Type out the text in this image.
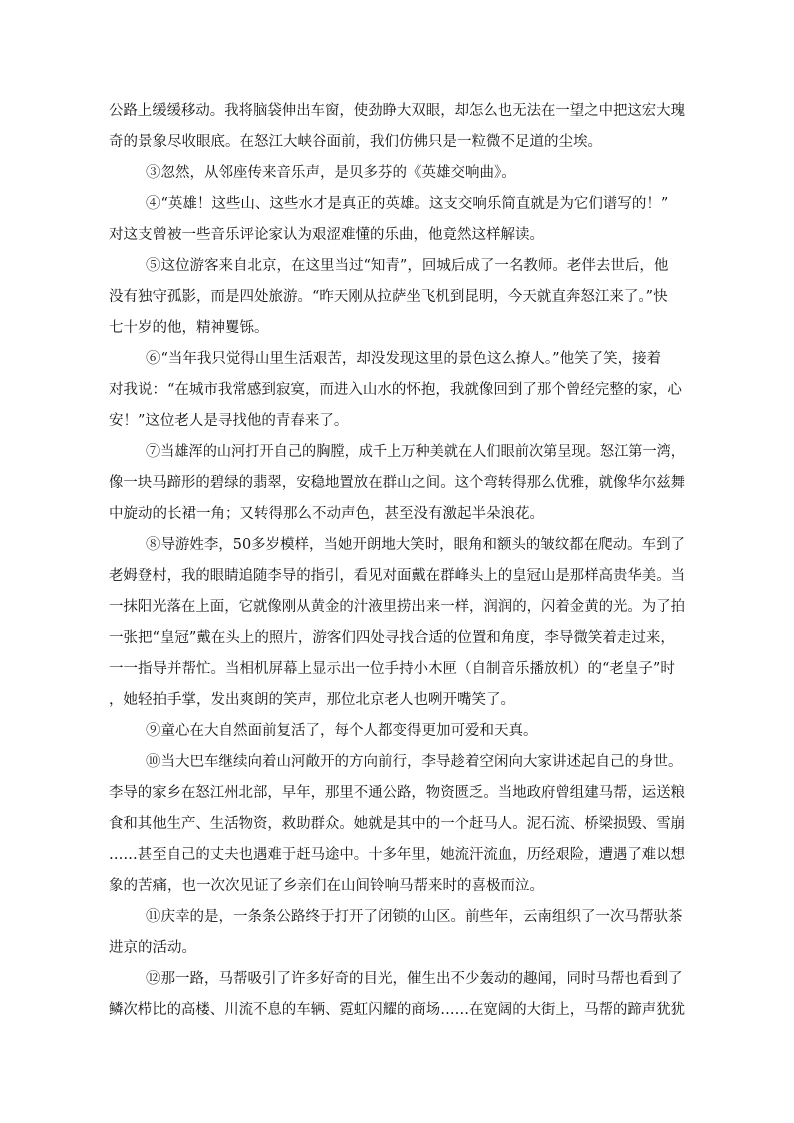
公路上缓缓移动。我将脑袋伸出车窗，使劲睁大双眼，却怎么也无法在一望之中把这宏大瑰
奇的景象尽收眼底。在怒江大峡谷面前，我们仿佛只是一粒微不足道的尘埃。
③忽然，从邻座传来音乐声，是贝多芬的《英雄交响曲》。
④“英雄！这些山、这些水才是真正的英雄。这支交响乐简直就是为它们谱写的！”
对这支曾被一些音乐评论家认为艰涩难懂的乐曲，他竟然这样解读。
⑤这位游客来自北京，在这里当过“知青”，回城后成了一名教师。老伴去世后，他
没有独守孤影，而是四处旅游。“昨天刚从拉萨坐飞机到昆明，今天就直奔怒江来了。”快
七十岁的他，精神矍铄。
⑥“当年我只觉得山里生活艰苦，却没发现这里的景色这么撩人。”他笑了笑，接着
对我说：“在城市我常感到寂寞，而进入山水的怀抱，我就像回到了那个曾经完整的家，心
安！”这位老人是寻找他的青春来了。
⑦当雄浑的山河打开自己的胸膛，成千上万种美就在人们眼前次第呈现。怒江第一湾，
像一块马蹄形的碧绿的翡翠，安稳地置放在群山之间。这个弯转得那么优雅，就像华尔兹舞
中旋动的长裙一角；又转得那么不动声色，甚至没有激起半朵浪花。
⑧导游姓李，50多岁模样，当她开朗地大笑时，眼角和额头的皱纹都在爬动。车到了
老姆登村，我的眼睛追随李导的指引，看见对面戴在群峰头上的皇冠山是那样高贵华美。当
一抹阳光落在上面，它就像刚从黄金的汁液里捞出来一样，润润的，闪着金黄的光。为了拍
一张把“皇冠”戴在头上的照片，游客们四处寻找合适的位置和角度，李导微笑着走过来，
一一指导并帮忙。当相机屏幕上显示出一位手持小木匣（自制音乐播放机）的“老皇子”时
，她轻拍手掌，发出爽朗的笑声，那位北京老人也咧开嘴笑了。
⑨童心在大自然面前复活了，每个人都变得更加可爱和天真。
⑩当大巴车继续向着山河敞开的方向前行，李导趁着空闲向大家讲述起自己的身世。
李导的家乡在怒江州北部，早年，那里不通公路，物资匮乏。当地政府曾组建马帮，运送粮
食和其他生产、生活物资，救助群众。她就是其中的一个赶马人。泥石流、桥梁损毁、雪崩
……甚至自己的丈夫也遇难于赶马途中。十多年里，她流汗流血，历经艰险，遭遇了难以想
象的苦痛，也一次次见证了乡亲们在山间铃响马帮来时的喜极而泣。
⑪庆幸的是，一条条公路终于打开了闭锁的山区。前些年，云南组织了一次马帮驮茶
进京的活动。
⑫那一路，马帮吸引了许多好奇的目光，催生出不少轰动的趣闻，同时马帮也看到了
鳞次栉比的高楼、川流不息的车辆、霓虹闪耀的商场……在宽阔的大街上，马帮的蹄声犹犹
